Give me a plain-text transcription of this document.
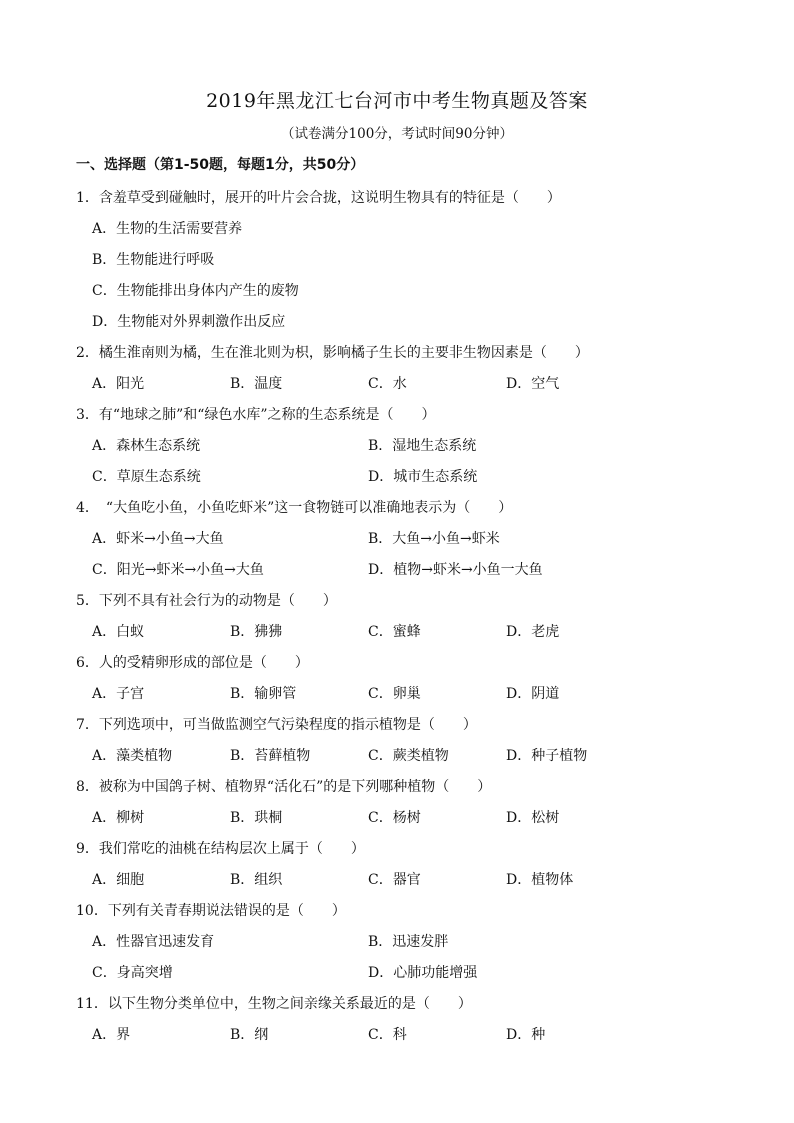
2019年黑龙江七台河市中考生物真题及答案
（试卷满分100分，考试时间90分钟）
一、选择题（第1-50题，每题1分，共50分）
1．含羞草受到碰触时，展开的叶片会合拢，这说明生物具有的特征是（　　）
A．生物的生活需要营养
B．生物能进行呼吸
C．生物能排出身体内产生的废物
D．生物能对外界刺激作出反应
2．橘生淮南则为橘，生在淮北则为枳，影响橘子生长的主要非生物因素是（　　）
A．阳光	B．温度	C．水	D．空气
3．有“地球之肺”和“绿色水库”之称的生态系统是（　　）
A．森林生态系统	B．湿地生态系统
C．草原生态系统	D．城市生态系统
4．　“大鱼吃小鱼，小鱼吃虾米”这一食物链可以准确地表示为（　　）
A．虾米→小鱼→大鱼	B．大鱼→小鱼→虾米
C．阳光→虾米→小鱼→大鱼	D．植物→虾米→小鱼一大鱼
5．下列不具有社会行为的动物是（　　）
A．白蚁	B．狒狒	C．蜜蜂	D．老虎
6．人的受精卵形成的部位是（　　）
A．子宫	B．输卵管	C．卵巢	D．阴道
7．下列选项中，可当做监测空气污染程度的指示植物是（　　）
A．藻类植物	B．苔藓植物	C．蕨类植物	D．种子植物
8．被称为中国鸽子树、植物界“活化石”的是下列哪种植物（　　）
A．柳树	B．珙桐	C．杨树	D．松树
9．我们常吃的油桃在结构层次上属于（　　）
A．细胞	B．组织	C．器官	D．植物体
10．下列有关青春期说法错误的是（　　）
A．性器官迅速发育	B．迅速发胖
C．身高突增	D．心肺功能增强
11．以下生物分类单位中，生物之间亲缘关系最近的是（　　）
A．界	B．纲	C．科	D．种
